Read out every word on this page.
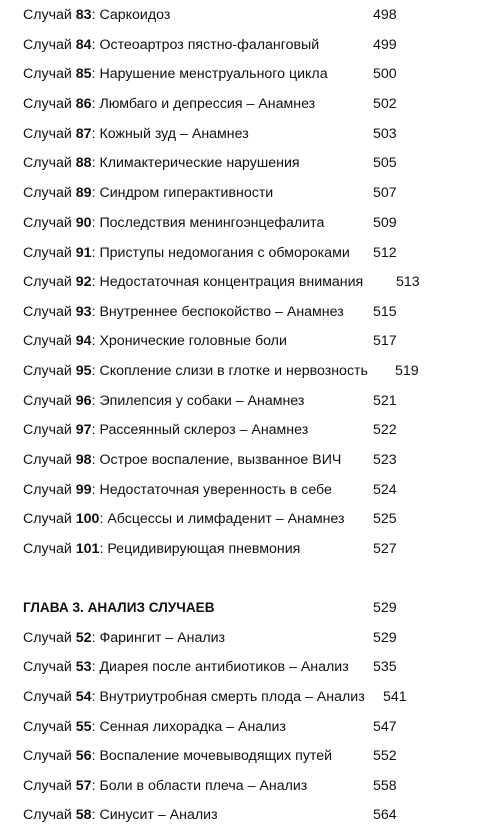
Случай 83: Саркоидоз	498
Случай 84: Остеоартроз пястно-фаланговый	499
Случай 85: Нарушение менструального цикла	500
Случай 86: Люмбаго и депрессия – Анамнез	502
Случай 87: Кожный зуд – Анамнез	503
Случай 88: Климактерические нарушения	505
Случай 89: Синдром гиперактивности	507
Случай 90: Последствия менингоэнцефалита	509
Случай 91: Приступы недомогания с обмороками 512
Случай 92: Недостаточная концентрация внимания 513
Случай 93: Внутреннее беспокойство – Анамнез 515
Случай 94: Хронические головные боли	517
Случай 95: Скопление слизи в глотке и нервозность 519
Случай 96: Эпилепсия у собаки – Анамнез	521
Случай 97: Рассеянный склероз – Анамнез	522
Случай 98: Острое воспаление, вызванное ВИЧ 523
Случай 99: Недостаточная уверенность в себе	524
Случай 100: Абсцессы и лимфаденит – Анамнез 525
Случай 101: Рецидивирующая пневмония	527
ГЛАВА 3. АНАЛИЗ СЛУЧАЕВ	529
Случай 52: Фарингит – Анализ	529
Случай 53: Диарея после антибиотиков – Анализ 535
Случай 54: Внутриутробная смерть плода – Анализ 541
Случай 55: Сенная лихорадка – Анализ	547
Случай 56: Воспаление мочевыводящих путей	552
Случай 57: Боли в области плеча – Анализ	558
Случай 58: Синусит – Анализ	564
